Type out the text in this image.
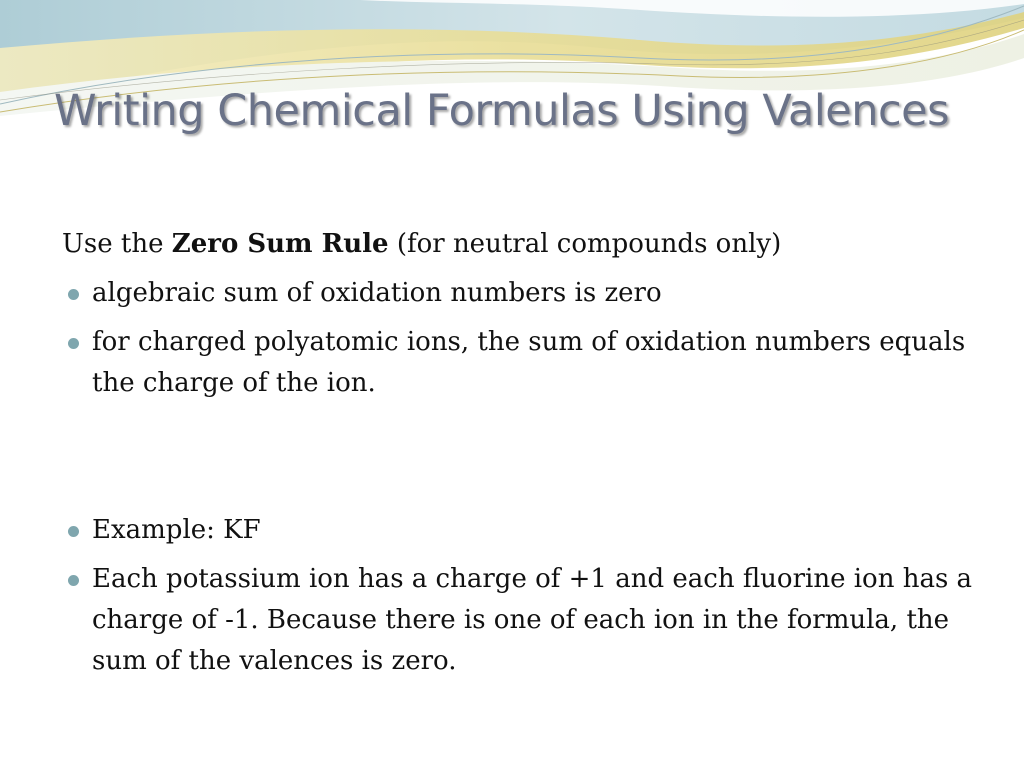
Writing Chemical Formulas Using Valences

Use the Zero Sum Rule (for neutral compounds only)

algebraic sum of oxidation numbers is zero
for charged polyatomic ions, the sum of oxidation numbers equals the charge of the ion.
Example: KF
Each potassium ion has a charge of +1 and each fluorine ion has a charge of -1. Because there is one of each ion in the formula, the sum of the valences is zero.
